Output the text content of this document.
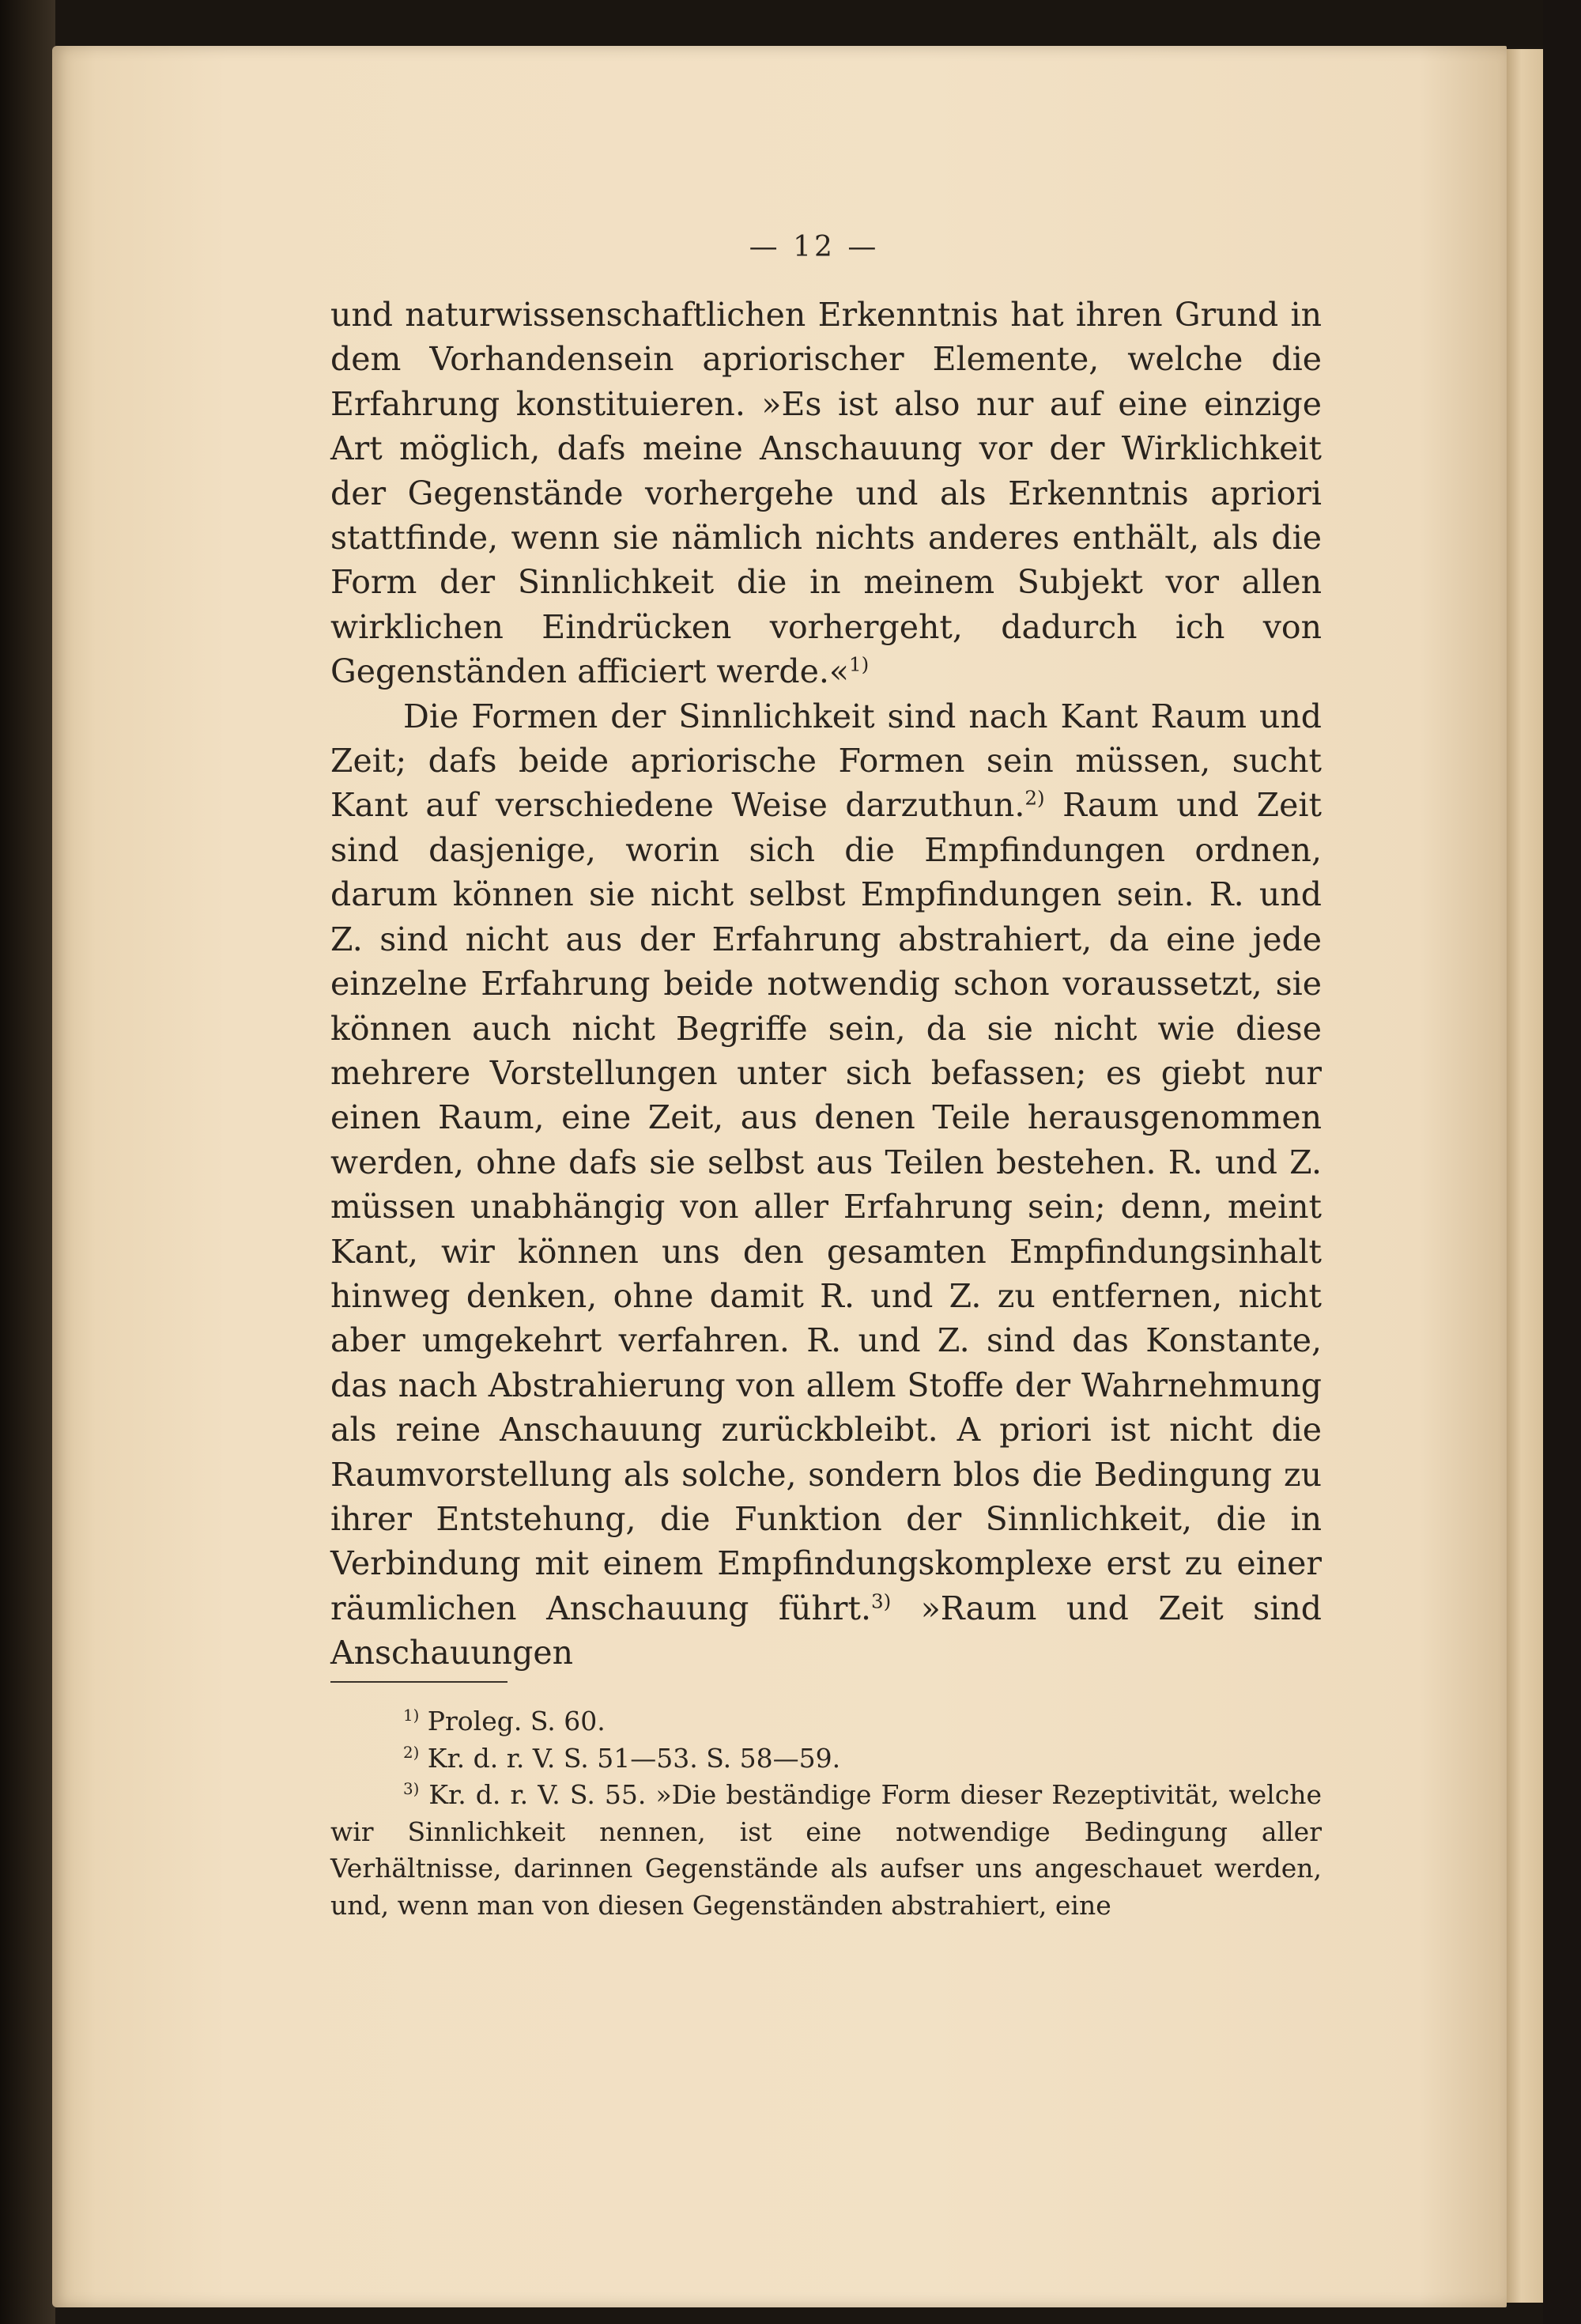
— 12 —

und naturwissenschaftlichen Erkenntnis hat ihren Grund in dem Vorhandensein apriorischer Elemente, welche die Erfahrung konstituieren. »Es ist also nur auf eine einzige Art möglich, dafs meine Anschauung vor der Wirklichkeit der Gegenstände vorhergehe und als Erkenntnis apriori stattfinde, wenn sie nämlich nichts anderes enthält, als die Form der Sinnlichkeit die in meinem Subjekt vor allen wirklichen Eindrücken vorhergeht, dadurch ich von Gegenständen afficiert werde.«$^{1)}$

Die Formen der Sinnlichkeit sind nach Kant Raum und Zeit; dafs beide apriorische Formen sein müssen, sucht Kant auf verschiedene Weise darzuthun.$^{2)}$ Raum und Zeit sind dasjenige, worin sich die Empfindungen ordnen, darum können sie nicht selbst Empfindungen sein. R. und Z. sind nicht aus der Erfahrung abstrahiert, da eine jede einzelne Erfahrung beide notwendig schon voraussetzt, sie können auch nicht Begriffe sein, da sie nicht wie diese mehrere Vorstellungen unter sich befassen; es giebt nur einen Raum, eine Zeit, aus denen Teile herausgenommen werden, ohne dafs sie selbst aus Teilen bestehen. R. und Z. müssen unabhängig von aller Erfahrung sein; denn, meint Kant, wir können uns den gesamten Empfindungsinhalt hinweg denken, ohne damit R. und Z. zu entfernen, nicht aber umgekehrt verfahren. R. und Z. sind das Konstante, das nach Abstrahierung von allem Stoffe der Wahrnehmung als reine Anschauung zurückbleibt. A priori ist nicht die Raumvorstellung als solche, sondern blos die Bedingung zu ihrer Entstehung, die Funktion der Sinnlichkeit, die in Verbindung mit einem Empfindungskomplexe erst zu einer räumlichen Anschauung führt.$^{3)}$ »Raum und Zeit sind Anschauungen

$^{1)}$ Proleg. S. 60.

$^{2)}$ Kr. d. r. V. S. 51—53. S. 58—59.

$^{3)}$ Kr. d. r. V. S. 55. »Die beständige Form dieser Rezeptivität, welche wir Sinnlichkeit nennen, ist eine notwendige Bedingung aller Verhältnisse, darinnen Gegenstände als aufser uns angeschauet werden, und, wenn man von diesen Gegenständen abstrahiert, eine
